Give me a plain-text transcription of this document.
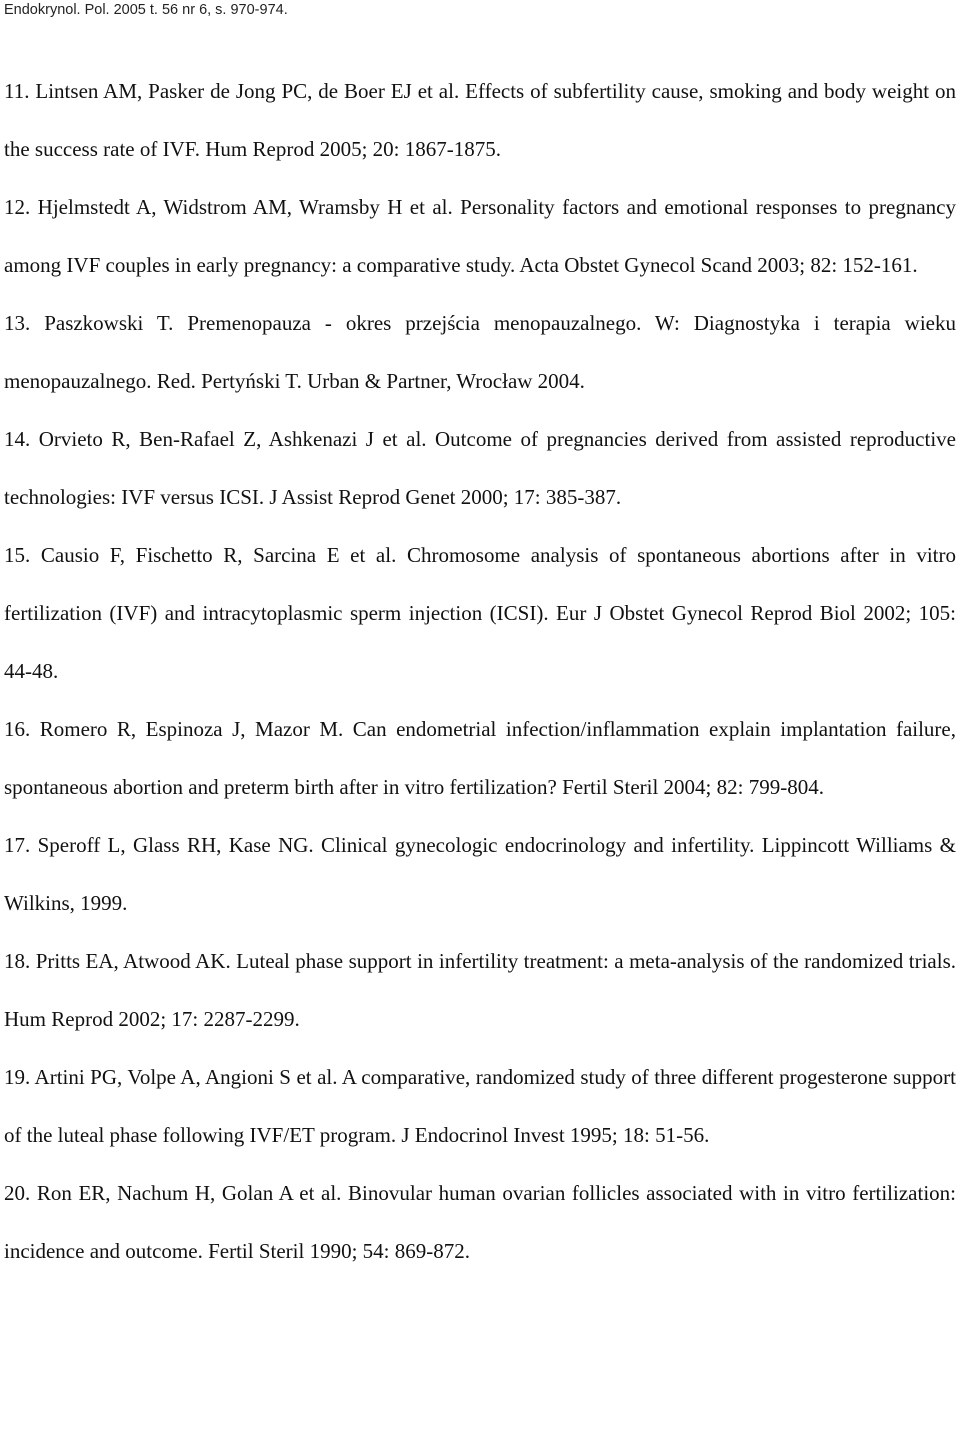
Endokrynol. Pol. 2005 t. 56 nr 6, s. 970-974.

11. Lintsen AM, Pasker de Jong PC, de Boer EJ et al. Effects of subfertility cause, smoking and body weight on the success rate of IVF. Hum Reprod 2005; 20: 1867-1875.

12. Hjelmstedt A, Widstrom AM, Wramsby H et al. Personality factors and emotional responses to pregnancy among IVF couples in early pregnancy: a comparative study. Acta Obstet Gynecol Scand 2003; 82: 152-161.

13. Paszkowski T. Premenopauza - okres przejścia menopauzalnego. W: Diagnostyka i terapia wieku menopauzalnego. Red. Pertyński T. Urban & Partner, Wrocław 2004.

14. Orvieto R, Ben-Rafael Z, Ashkenazi J et al. Outcome of pregnancies derived from assisted reproductive technologies: IVF versus ICSI. J Assist Reprod Genet 2000; 17: 385-387.

15. Causio F, Fischetto R, Sarcina E et al. Chromosome analysis of spontaneous abortions after in vitro fertilization (IVF) and intracytoplasmic sperm injection (ICSI). Eur J Obstet Gynecol Reprod Biol 2002; 105: 44-48.

16. Romero R, Espinoza J, Mazor M. Can endometrial infection/inflammation explain implantation failure, spontaneous abortion and preterm birth after in vitro fertilization? Fertil Steril 2004; 82: 799-804.

17. Speroff L, Glass RH, Kase NG. Clinical gynecologic endocrinology and infertility. Lippincott Williams & Wilkins, 1999.

18. Pritts EA, Atwood AK. Luteal phase support in infertility treatment: a meta-analysis of the randomized trials. Hum Reprod 2002; 17: 2287-2299.

19. Artini PG, Volpe A, Angioni S et al. A comparative, randomized study of three different progesterone support of the luteal phase following IVF/ET program. J Endocrinol Invest 1995; 18: 51-56.

20. Ron ER, Nachum H, Golan A et al. Binovular human ovarian follicles associated with in vitro fertilization: incidence and outcome. Fertil Steril 1990; 54: 869-872.
